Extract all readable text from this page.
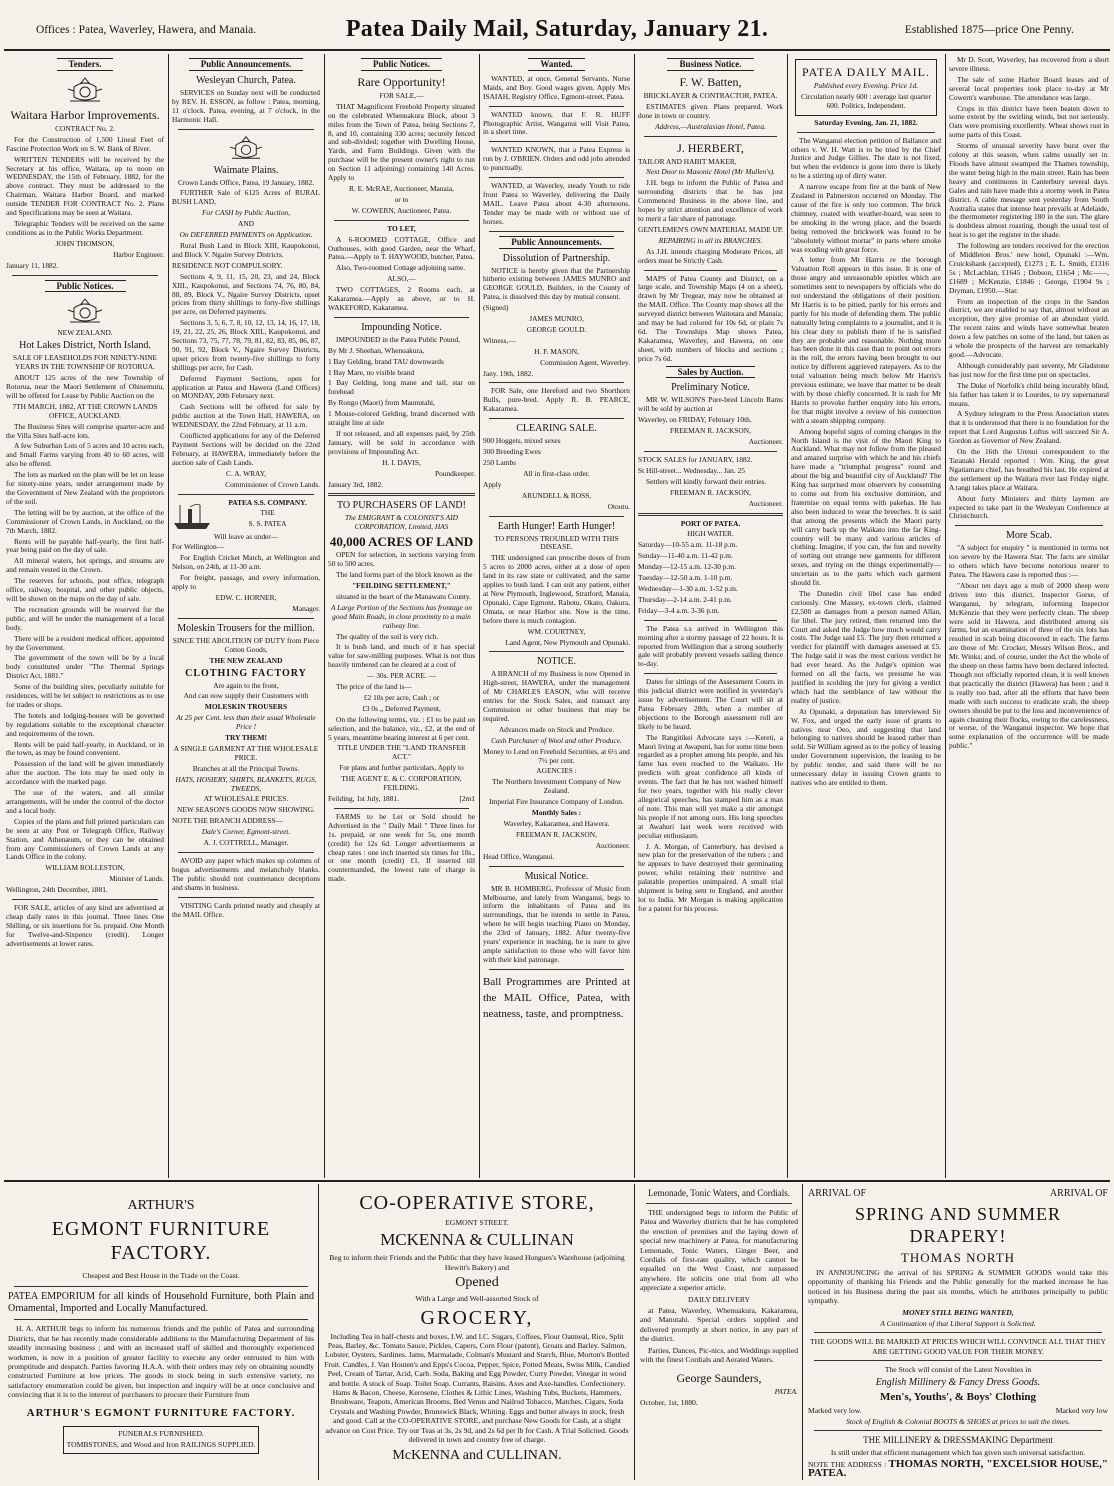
Offices : Patea, Waverley, Hawera, and Manaia.	Patea Daily Mail, Saturday, January 21.	Established 1875—price One Penny.
Tenders.
Waitara Harbor Improvements.

CONTRACT No. 2.

For the Construction of 1,500 Lineal Feet of Fascine Protection Work on S. W. Bank of River.

WRITTEN TENDERS will be received by the Secretary at his office, Waitara, up to noon on WEDNESDAY, the 15th of February, 1882, for the above contract. They must be addressed to the Chairman, Waitara Harbor Board, and marked outside TENDER FOR CONTRACT No. 2. Plans and Specifications may be seen at Waitara.

Telegraphic Tenders will be received on the same conditions as in the Public Works Department.

JOHN THOMSON,

Harbor Engineer.

January 11, 1882.

Public Notices.

NEW ZEALAND.

Hot Lakes District, North Island.

SALE OF LEASEHOLDS FOR NINETY-NINE YEARS IN THE TOWNSHIP OF ROTORUA.

ABOUT 125 acres of the new Township of Rotorua, near the Maori Settlement of Ohinemutu, will be offered for Lease by Public Auction on the

7TH MARCH, 1882, AT THE CROWN LANDS OFFICE, AUCKLAND.

The Business Sites will comprise quarter-acre and the Villa Sites half-acre lots.

A few Suburban Lots of 5 acres and 10 acres each, and Small Farms varying from 40 to 60 acres, will also be offered.

The lots as marked on the plan will be let on lease for ninety-nine years, under arrangement made by the Government of New Zealand with the proprietors of the soil.

The letting will be by auction, at the office of the Commissioner of Crown Lands, in Auckland, on the 7th March, 1882.

Rents will be payable half-yearly, the first half-year being paid on the day of sale.

All mineral waters, hot springs, and streams are and remain vested in the Crown.

The reserves for schools, post office, telegraph office, railway, hospital, and other public objects, will be shown on the maps on the day of sale.

The recreation grounds will be reserved for the public, and will be under the management of a local body.

There will be a resident medical officer, appointed by the Government.

The government of the town will be by a local body constituted under "The Thermal Springs District Act, 1881."

Some of the building sites, peculiarly suitable for residences, will be let subject to restrictions as to use for trades or shops.

The hotels and lodging-houses will be governed by regulations suitable to the exceptional character and requirements of the town.

Rents will be paid half-yearly, in Auckland, or in the town, as may be found convenient.

Possession of the land will be given immediately after the auction. The lots may be used only in accordance with the marked page.

The use of the waters, and all similar arrangements, will be under the control of the doctor and a local body.

Copies of the plans and full printed particulars can be seen at any Post or Telegraph Office, Railway Station, and Athenæum, or they can be obtained from any Commissioners of Crown Lands at any Lands Office in the colony.

WILLIAM ROLLESTON,

Minister of Lands.

Wellington, 24th December, 1881.

FOR SALE, articles of any kind are advertised at cheap daily rates in this journal. Three lines One Shilling, or six insertions for 5s. prepaid. One Month for Twelve-and-Sixpence (credit). Longer advertisements at lower rates.

Public Announcements.
Wesleyan Church, Patea.

SERVICES on Sunday next will be conducted by REV. H. ESSON, as follow : Patea, morning, 11 o'clock. Patea, evening, at 7 o'clock, in the Harmonic Hall.

Waimate Plains.

Crown Lands Office, Patea, 19 January, 1882.

FURTHER Sale of 6125 Acres of RURAL BUSH LAND,

For CASH by Public Auction,

AND

On DEFERRED PAYMENTS on Application.

Rural Bush Land in Block XIII, Kaupokonui, and Block V. Ngaire Survey Districts.

RESIDENCE NOT COMPULSORY.

Sections 4, 9, 11, 15, 20, 23, and 24, Block XIII., Kaupokonui, and Sections 74, 76, 80, 84, 88, 89, Block V., Ngaire Survey Districts, upset prices from thirty shillings to forty-five shillings per acre, on Deferred payments.

Sections 3, 5, 6, 7, 8, 10, 12, 13, 14, 16, 17, 18, 19, 21, 22, 25, 26, Block XIII., Kaupokonui, and Sections 73, 75, 77, 78, 79, 81, 82, 83, 85, 86, 87, 90, 91, 92, Block V., Ngaire Survey Districts, upset prices from twenty-five shillings to forty shillings per acre, for Cash.

Deferred Payment Sections, open for application at Patea and Hawera (Land Offices) on MONDAY, 20th February next.

Cash Sections will be offered for sale by public auction at the Town Hall, HAWERA, on WEDNESDAY, the 22nd February, at 11 a.m.

Conflicted applications for any of the Deferred Payment Sections will be decided on the 22nd February, at HAWERA, immediately before the auction sale of Cash Lands.

C. A. WRAY,

Commissioner of Crown Lands.

PATEA S.S. COMPANY.

THE

S. S. PATEA

Will leave as under—

For Wellington—

For English Cricket Match, at Wellington and Nelson, on 24th, at 11-30 a.m.

For freight, passage, and every information, apply to

EDW. C. HORNER,

Manager.

Moleskin Trousers for the million.

SINCE THE ABOLITION OF DUTY from Piece Cotton Goods,

THE NEW ZEALAND

CLOTHING FACTORY

Are again to the front,

And can now supply their Customers with

MOLESKIN TROUSERS

At 25 per Cent. less than their usual Wholesale Price !

TRY THEM!

A SINGLE GARMENT AT THE WHOLESALE PRICE.

Branches at all the Principal Towns.

HATS, HOSIERY, SHIRTS, BLANKETS, RUGS, TWEEDS,

AT WHOLESALE PRICES.

NEW SEASON'S GOODS NOW SHOWING.

NOTE THE BRANCH ADDRESS—

Dale's Corner, Egmont-street.

A. J. COTTRELL, Manager.

AVOID any paper which makes up columns of bogus advertisements and melancholy blanks. The public should not countenance deceptions and shams in business.

VISITING Cards printed neatly and cheaply at the MAIL Office.

Public Notices.
Rare Opportunity!

FOR SALE,—

THAT Magnificent Freehold Property situated on the celebrated Whennakura Block, about 3 miles from the Town of Patea, being Sections 7, 8, and 10, containing 330 acres; securely fenced and sub-divided; together with Dwelling House, Yards, and Farm Buildings. Given with the purchase will be the present owner's right to run on Section 11 adjoining) containing 140 Acres. Apply to

R. E. McRAE, Auctioneer, Manaia,

or to

W. COWERN, Auctioneer, Patea.

TO LET,

A 6-ROOMED COTTAGE, Office and Outhouses, with good Garden, near the Wharf, Patea.—Apply to T. HAYWOOD, butcher, Patea.

Also, Two-roomed Cottage adjoining same.

ALSO,—

TWO COTTAGES, 2 Rooms each, at Kakaramea.—Apply as above, or to H. WAKEFORD, Kakaramea.

Impounding Notice.

IMPOUNDED in the Patea Public Pound,

By Mr J. Sheehan, Whenuakura,

1 Bay Gelding, brand TAU downwards

1 Bay Mare, no visible brand

1 Bay Gelding, long mane and tail, star on forehead

By Rongo (Maori) from Maunutahi,

1 Mouse-colored Gelding, brand discerned with straight line at side

If not released, and all expenses paid, by 25th January, will be sold in accordance with provisions of Impounding Act.

H. I. DAVIS,

Poundkeeper.

January 3rd, 1882.

TO PURCHASERS OF LAND!

The EMIGRANT & COLONIST'S AID CORPORATION, Limited, HAS

40,000 ACRES OF LAND

OPEN for selection, in sections varying from 50 to 500 acres.

The land forms part of the block known as the

"FEILDING SETTLEMENT,"

situated in the heart of the Manawatu County.

A Large Portion of the Sections has frontage on good Main Roads, in close proximity to a main railway line.

The quality of the soil is very rich.

It is bush land, and much of it has special value for saw-milling purposes. What is not thus heavily timbered can be cleared at a cost of

— 30s. PER ACRE. —

The price of the land is—

£2 10s per acre, Cash ; or

£3 0s „ Deferred Payment,

On the following terms, viz. : £1 to be paid on selection, and the balance, viz., £2, at the end of 5 years, meantime bearing interest at 6 per cent.

TITLE UNDER THE "LAND TRANSFER ACT."

For plans and further particulars, Apply to

THE AGENT E. & C. CORPORATION, FEILDING.

Feilding, 1st July, 1881.	[2m1

FARMS to be Let or Sold should be Advertised in the " Daily Mail " Three lines for 1s. prepaid, or one week for 5s, one month (credit) for 12s 6d. Longer advertisements at cheap rates : one inch inserted six times for 10s., or one month (credit) £1. If inserted till countermanded, the lowest rate of charge is made.

Wanted.

WANTED, at once, General Servants, Nurse Maids, and Boy. Good wages given. Apply Mrs ISAIAH, Registry Office, Egmont-street, Patea.

WANTED known, that F. R. HUFF Photographic Artist, Wanganui will Visit Patea, in a short time.

WANTED KNOWN, that a Patea Express is run by J. O'BRIEN. Orders and odd jobs attended to punctually.

WANTED, at Waverley, steady Youth to ride front Patea to Waverley, delivering the Daily MAIL. Leave Patea about 4-30 afternoons. Tender may be made with or without use of horses.

Public Announcements.
Dissolution of Partnership.

NOTICE is hereby given that the Partnership hitherto existing between JAMES MUNRO and GEORGE GOULD, Builders, in the County of Patea, is dissolved this day by mutual consent.

(Signed)

JAMES MUNRO,

GEORGE GOULD.

Witness,—

H. F. MASON,

Commission Agent, Waverley.

Jany. 19th, 1882.

FOR Sale, one Hereford and two Shorthorn Bulls, pure-bred. Apply R. B. PEARCE, Kakaramea.

CLEARING SALE.

900 Hoggets, mixed sexes

300 Breeding Ewes

250 Lambs

All in first-class order.

Apply

ARUNDELL & ROSS,

Otoutu.

Earth Hunger! Earth Hunger!

TO PERSONS TROUBLED WITH THIS DISEASE.

THE undersigned can prescribe doses of from 5 acres to 2000 acres, either at a dose of open land in its raw state or cultivated, and the same applies to bush land. I can suit any patient, either at New Plymouth, Inglewood, Stratford, Manaia, Opunaki, Cape Egmont, Rahotu, Okato, Oakura, Omata, or near Harbor site. Now is the time, before there is much contagion.

WM. COURTNEY,

Land Agent, New Plymouth and Opunaki.

NOTICE.

A BRANCH of my Business is now Opened in High-street, HAWERA, under the management of Mr CHARLES EASON, who will receive entries for the Stock Sales, and transact any Commission or other business that may be required.

Advances made on Stock and Produce.

Cash Purchaser of Wool and other Produce.

Money to Lend on Freehold Securities, at 6½ and 7½ per cent.

AGENCIES :

The Northern Investment Company of New Zealand.

Imperial Fire Insurance Company of London.

Monthly Sales :

Waverley, Kakaramea, and Hawera.

FREEMAN R. JACKSON,

Auctioneer.

Head Office, Wanganui.

Musical Notice.

MR B. HOMBERG, Professor of Music from Melbourne, and lately from Wanganui, begs to inform the inhabitants of Patea and its surroundings, that he intends to settle in Patea, where he will begin teaching Piano on Monday, the 23rd of January, 1882. After twenty-five years' experience in teaching, he is sure to give ample satisfaction to those who will favor him with their kind patronage.

Ball Programmes are Printed at the MAIL Office, Patea, with neatness, taste, and promptness.

Business Notice.
F. W. Batten,

BRICKLAYER & CONTRACTOR, PATEA.

ESTIMATES given. Plans prepared. Work done in town or country.

Address,—Australasian Hotel, Patea.

J. HERBERT,

TAILOR AND HABIT MAKER,

Next Door to Masonic Hotel (Mr Mullen's).

J.H. begs to inform the Public of Patea and surrounding districts that he has just Commenced Business in the above line, and hopes by strict attention and excellence of work to merit a fair share of patronage.

GENTLEMEN'S OWN MATERIAL MADE UP.

REPAIRING in all its BRANCHES.

As J.H. intends charging Moderate Prices, all orders must be Strictly Cash.

MAPS of Patea County and District, on a large scale, and Township Maps (4 on a sheet), drawn by Mr Tregear, may now be obtained at the MAIL Office. The County map shows all the surveyed district between Waitotara and Manaia; and may be had colored for 10s 6d, or plain 7s 6d. The Townships Map shows Patea, Kakaramea, Waverley, and Hawera, on one sheet, with numbers of blocks and sections ; price 7s 6d.

Sales by Auction.
Preliminary Notice.

MR W. WILSON'S Pure-bred Lincoln Rams will be sold by auction at

Waverley, on FRIDAY, February 10th.

FREEMAN R. JACKSON,

Auctioneer.

STOCK SALES for JANUARY, 1882.

St Hill-street... Wednesday... Jan. 25

Settlers will kindly forward their entries.

FREEMAN R. JACKSON,

Auctioneer.

PORT OF PATEA.

HIGH WATER.

Saturday—10-55 a.m. 11-18 p.m.

Sunday—11-40 a.m. 11-42 p.m.

Monday—12-15 a.m. 12-30 p.m.

Tuesday—12-50 a.m. 1-10 p.m.

Wednesday—1-30 a.m. 1-52 p.m.

Thursday—2-14 a.m. 2-41 p.m.

Friday—3-4 a.m. 3-36 p.m.

The Patea s.s arrived in Wellington this morning after a stormy passage of 22 hours. It is reported from Wellington that a strong southerly gale will probably prevent vessels sailing thence to-day.

Dates for sittings of the Assessment Courts in this judicial district were notified in yesterday's issue by advertisement. The Court will sit at Patea February 28th, when a number of objections to the Borough assessment roll are likely to be heard.

The Rangitikei Advocate says :—Kereti, a Maori living at Awapuni, has for some time been regarded as a prophet among his people, and his fame has even reached to the Waikato. He predicts with great confidence all kinds of events. The fact that he has not washed himself for two years, together with his really clever allegorical speeches, has stamped him as a man of note. This man will yet make a stir amongst his people if not among ours. His long speeches at Awahuri last week were received with peculiar enthusiasm.

J. A. Morgan, of Canterbury, has devised a new plan for the preservation of the tubers ; and he appears to have destroyed their germinating power, whilst retaining their nutritive and palatable properties unimpaired. A small trial shipment is being sent to England, and another lot to India. Mr Morgan is making application for a patent for his process.

PATEA DAILY MAIL.

Published every Evening. Price 1d.

Circulation nearly 600 : average last quarter 600. Politics, Independent.

Saturday Evening, Jan. 21, 1882.

The Wanganui election petition of Ballance and others v. W. H. Watt is to be tried by the Chief Justice and Judge Gillies. The date is not fixed, but when the evidence is gone into there is likely to be a stirring up of dirty water.

A narrow escape from fire at the bank of New Zealand in Palmerston occurred on Monday. The cause of the fire is only too common. The brick chimney, coated with weather-board, was seen to be smoking in the wrong place, and the boards being removed the brickwork was found to be "absolutely without mortar" in parts where smoke was exuding with great force.

A letter from Mr Harris re the borough Valuation Roll appears in this issue. It is one of those angry and unreasonable epistles which are sometimes sent to newspapers by officials who do not understand the obligations of their position. Mr Harris is to be pitied, partly for his errors and partly for his mode of defending them. The public naturally bring complaints to a journalist, and it is his clear duty to publish them if he is satisfied they are probable and reasonable. Nothing more has been done in this case than to point out errors in the roll, the errors having been brought to our notice by different aggrieved ratepayers. As to the total valuation being much below Mr Harris's previous estimate, we leave that matter to be dealt with by those chiefly concerned. It is rash for Mr Harris to provoke further enquiry into his errors, for that might involve a review of his connection with a steam shipping company.

Among hopeful signs of coming changes in the North Island is the visit of the Maori King to Auckland. What may not follow from the pleased and amazed surprise with which he and his chiefs have made a "triumphal progress" round and about the big and beautiful city of Auckland? The King has surprised most observers by consenting to come out from his exclusive dominion, and fraternise on equal terms with pakehas. He has also been induced to wear the breeches. It is said that among the presents which the Maori party will carry back up the Waikato into the far King-country will be many and various articles of clothing. Imagine, if you can, the fun and novelty of sorting out strange new garments for different sexes, and trying on the things experimentally—uncertain as to the parts which each garment should fit.

The Dunedin civil libel case has ended curiously. One Massey, ex-town clerk, claimed £2,500 as damages from a person named Allan, for libel. The jury retired, then returned into the Court and asked the Judge how much would carry costs. The Judge said £5. The jury then returned a verdict for plaintiff with damages assessed at £5. The Judge said it was the most curious verdict he had ever heard. As the Judge's opinion was formed on all the facts, we presume he was justified in scolding the jury for giving a verdict which had the semblance of law without the reality of justice.

At Opunaki, a deputation has interviewed Sir W. Fox, and urged the early issue of grants to natives near Oeo, and suggesting that land belonging to natives should be leased rather than sold. Sir William agreed as to the policy of leasing under Government supervision, the leasing to be by public tender, and said there will be no unnecessary delay in issuing Crown grants to natives who are entitled to them.

Mr D. Scott, Waverley, has recovered from a short severe illness.

The sale of some Harbor Board leases and of several local properties took place to-day at Mr Cowern's warehouse. The attendance was large.

Crops in this district have been beaten down to some extent by the swirling winds, but not seriously. Oats were promising excellently. Wheat shows rust in some parts of this Coast.

Storms of unusual severity have burst over the colony at this season, when calms usually set in. Floods have almost swamped the Thames township, the water being high in the main street. Rain has been heavy and continuous in Canterbury several days. Gales and rain have made this a stormy week in Patea district. A cable message sent yesterday from South Australia states that intense heat prevails at Adelaide, the thermometer registering 180 in the sun. The glare is doubtless almost roasting, though the usual test of heat is to get the register in the shade.

The following are tenders received for the erection of Middleton Bros.' new hotel, Opunaki :—Wm. Cruickshank (accepted), £1273 ; E. L. Smith, £1316 5s ; McLachlan, £1645 ; Dobson, £1654 ; Mc——, £1689 ; McKenzie, £1846 ; George, £1904 9s ; Dryman, £1950.—Star.

From an inspection of the crops in the Sandon district, we are enabled to say that, almost without an exception, they give promise of an abundant yield. The recent rains and winds have somewhat beaten down a few patches on some of the land, but taken as a whole the prospects of the harvest are remarkably good.—Advocate.

Although considerably past seventy, Mr Gladstone has just now for the first time put on spectacles.

The Duke of Norfolk's child being incurably blind, his father has taken it to Lourdes, to try supernatural means.

A Sydney telegram to the Press Association states that it is understood that there is no foundation for the report that Lord Augustus Loftus will succeed Sir A. Gordon as Governor of New Zealand.

On the 16th the Urenui correspondent to the Taranaki Herald reported : Wm. King, the great Ngatiamaru chief, has breathed his last. He expired at the settlement up the Waitara river last Friday night. A tangi takes place at Waitara.

About forty Ministers and thirty laymen are expected to take part in the Wesleyan Conference at Christchurch.

More Scab.

"A subject for enquiry " is mentioned in terms not too severe by the Hawera Star. The facts are similar to others which have become notorious nearer to Patea. The Hawera case is reported thus :—

"About ten days ago a mob of 2000 sheep were driven into this district, Inspector Gorse, of Wanganui, by telegram, informing Inspector McKenzie that they were perfectly clean. The sheep were sold in Hawera, and distributed among six farms, but an examination of three of the six lots has resulted in scab being discovered in each. The farms are those of Mr. Crocker, Messrs Wilson Bros., and Mr. Winks; and, of course, under the Act the whole of the sheep on these farms have been declared infected. Though not officially reported clean, it is well known that practically the district (Hawera) has been ; and it is really too bad, after all the efforts that have been made with such success to eradicate scab, the sheep owners should be put to the loss and inconvenience of again cleaning their flocks, owing to the carelessness, or worse, of the Wanganui inspector. We hope that some explanation of the occurrence will be made public."

ARTHUR'S
EGMONT FURNITURE FACTORY.

Cheapest and Best House in the Trade on the Coast.

PATEA EMPORIUM for all kinds of Household Furniture, both Plain and Ornamental, Imported and Locally Manufactured.

H. A. ARTHUR begs to inform his numerous friends and the public of Patea and surrounding Districts, that he has recently made considerable additions to the Manufacturing Department of his steadily increasing business ; and with an increased staff of skilled and thoroughly experienced workmen, is now in a position of greater facility to execute any order entrusted to him with promptitude and despatch. Parties favoring H.A.A. with their orders may rely on obtaining soundly constructed Furniture at low prices. The goods in stock being in such extensive variety, no satisfactory enumeration could be given, but inspection and inquiry will be at once conclusive and convincing that it is to the interest of purchasers to procure their Furniture from

ARTHUR'S EGMONT FURNITURE FACTORY.

FUNERALS FURNISHED.

TOMBSTONES, and Wood and Iron RAILINGS SUPPLIED.

CO-OPERATIVE STORE,

EGMONT STREET.

MCKENNA & CULLINAN

Beg to inform their Friends and the Public that they have leased Hongues's Warehouse (adjoining Hewitt's Bakery) and

Opened

With a Large and Well-assorted Stock of

GROCERY,

Including Tea in half-chests and boxes, I.W. and I.C. Sugars, Coffees, Flour Oatmeal, Rice, Split Peas, Barley, &c. Tomato Sauce, Pickles, Capers, Corn Flour (patent), Groats and Barley. Salmon, Lobster, Oysters, Sardines. Jams, Marmalade, Colman's Mustard and Starch, Blue, Morton's Bottled Fruit. Candles, J. Van Houten's and Epps's Cocoa, Pepper, Spice, Potted Meats, Swiss Milk, Candied Peel, Cream of Tartar, Acid, Carb. Soda, Baking and Egg Powder, Curry Powder, Vinegar in wood and bottle. A stock of Soap. Toilet Soap. Currants, Raisins. Axes and Axe-handles. Confectionery. Hams & Bacon, Cheese, Kerosene, Clothes & Lithic Lines, Washing Tubs, Buckets, Hammers, Brushware, Teapots, American Brooms, Bed Venus and Nailrod Tobacco, Matches, Cigars, Soda Crystals and Washing Powder, Brunswick Black, Whiting. Eggs and butter always in stock, fresh and good. Call at the CO-OPERATIVE STORE, and purchase New Goods for Cash, at a slight advance on Cost Price. Try our Teas at 3s, 2s 9d, and 2s 6d per lb for Cash. A Trial Solicited. Goods delivered in town and country free of charge.

McKENNA and CULLINAN.

Lemonade, Tonic Waters, and Cordials.

THE undersigned begs to inform the Public of Patea and Waverley districts that he has completed the erection of premises and the laying down of special new machinery at Patea, for manufacturing Lemonade, Tonic Waters, Ginger Beer, and Cordials of first-rate quality, which cannot be equalled on the West Coast, nor surpassed anywhere. He solicits one trial from all who appreciate a superior article.

DAILY DELIVERY

at Patea, Waverley, Whenuakura, Kakaramea, and Manutahi. Special orders supplied and delivered promptly at short notice, in any part of the district.

Parties, Dances, Pic-nics, and Weddings supplied with the finest Cordials and Aerated Waters.

George Saunders,

PATEA.

October, 1st, 1880.

ARRIVAL OF	ARRIVAL OF

SPRING AND SUMMER DRAPERY!
THOMAS NORTH

IN ANNOUNCING the arrival of his SPRING & SUMMER GOODS would take this opportunity of thanking his Friends and the Public generally for the marked increase he has noticed in his Business during the past six months, which he attributes principally to public sympathy.

MONEY STILL BEING WANTED,

A Continuation of that Liberal Support is Solicited.

THE GOODS WILL BE MARKED AT PRICES WHICH WILL CONVINCE ALL THAT THEY ARE GETTING GOOD VALUE FOR THEIR MONEY.

The Stock will consist of the Latest Novelties in

English Millinery & Fancy Dress Goods.

Men's, Youths', & Boys' Clothing

Marked very low.	Marked very low

Stock of English & Colonial BOOTS & SHOES at prices to suit the times.

THE MILLINERY & DRESSMAKING Department

Is still under that efficient management which has given such universal satisfaction.

NOTE THE ADDRESS : THOMAS NORTH, "EXCELSIOR HOUSE," PATEA.
